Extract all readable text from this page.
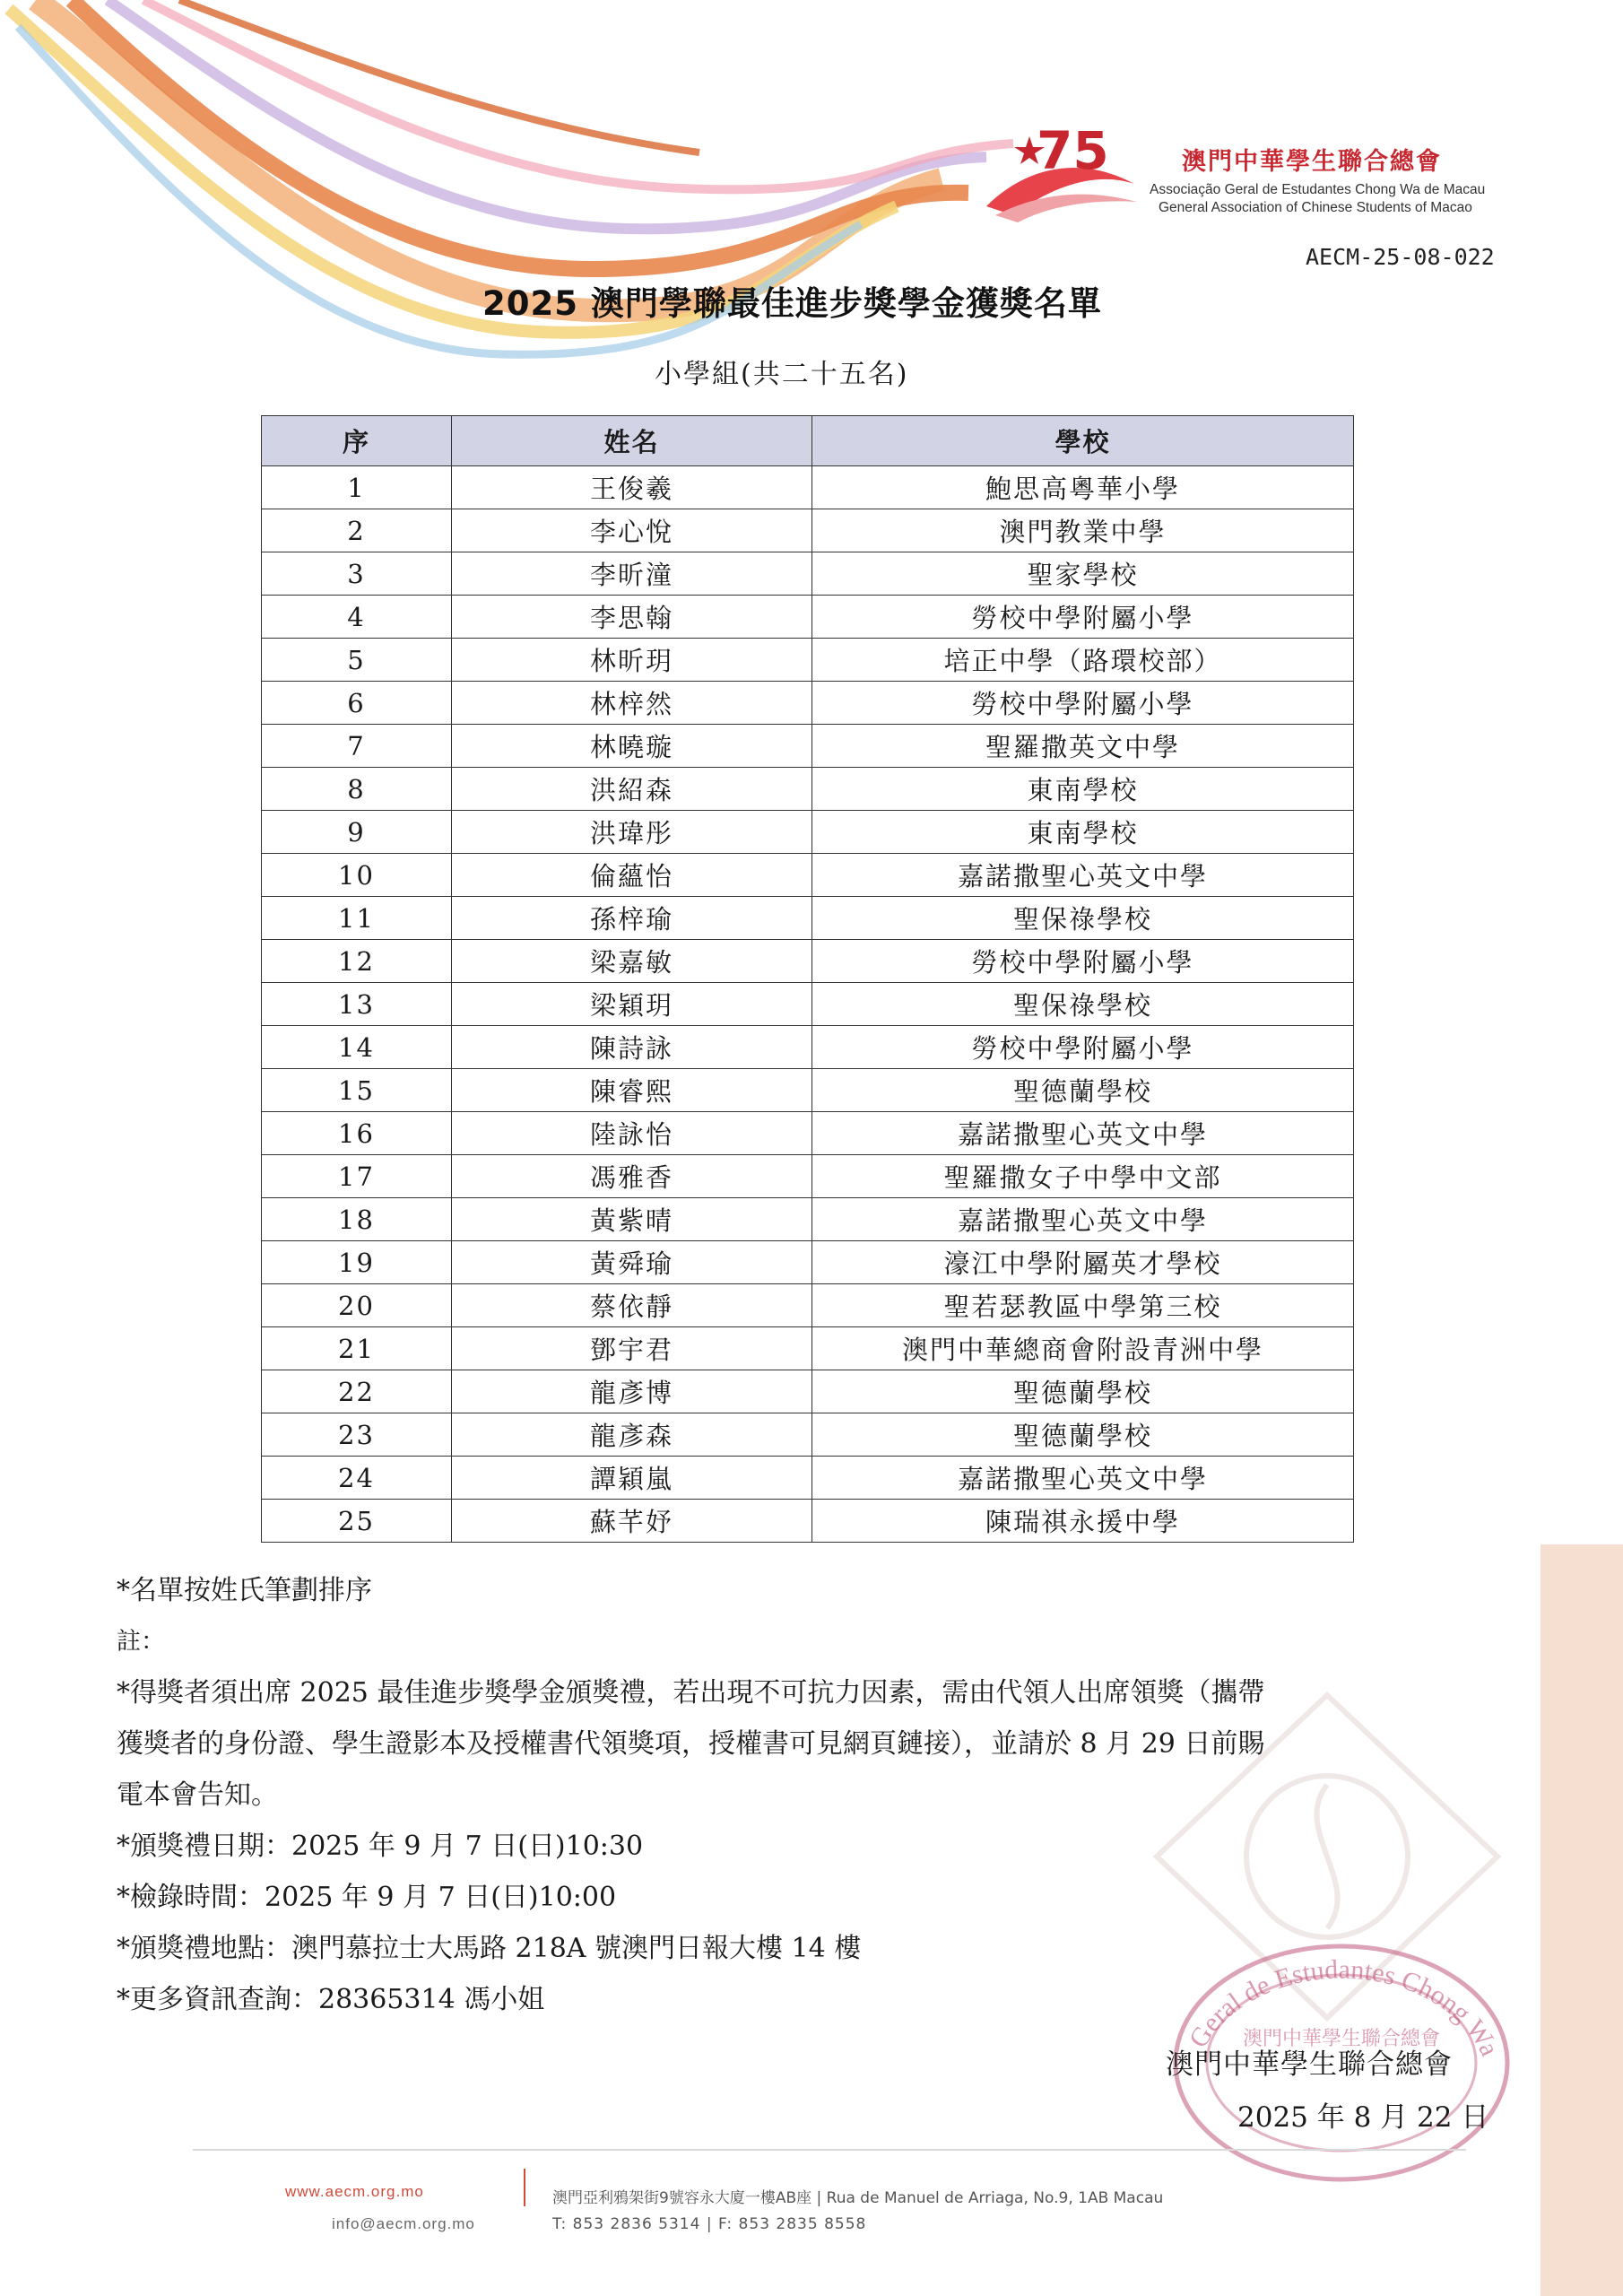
75	澳門中華學生聯合總會
Associação Geral de Estudantes Chong Wa de Macau
General Association of Chinese Students of Macao
AECM-25-08-022
2025 澳門學聯最佳進步獎學金獲獎名單
小學組(共二十五名)
序	姓名	學校
1	王俊羲	鮑思高粵華小學
2	李心悅	澳門教業中學
3	李昕潼	聖家學校
4	李思翰	勞校中學附屬小學
5	林昕玥	培正中學（路環校部）
6	林梓然	勞校中學附屬小學
7	林曉璇	聖羅撒英文中學
8	洪紹森	東南學校
9	洪瑋彤	東南學校
10	倫蘊怡	嘉諾撒聖心英文中學
11	孫梓瑜	聖保祿學校
12	梁嘉敏	勞校中學附屬小學
13	梁穎玥	聖保祿學校
14	陳詩詠	勞校中學附屬小學
15	陳睿熙	聖德蘭學校
16	陸詠怡	嘉諾撒聖心英文中學
17	馮雅香	聖羅撒女子中學中文部
18	黃紫晴	嘉諾撒聖心英文中學
19	黃舜瑜	濠江中學附屬英才學校
20	蔡依靜	聖若瑟教區中學第三校
21	鄧宇君	澳門中華總商會附設青洲中學
22	龍彥博	聖德蘭學校
23	龍彥森	聖德蘭學校
24	譚穎嵐	嘉諾撒聖心英文中學
25	蘇芊妤	陳瑞祺永援中學

*名單按姓氏筆劃排序

註：

*得獎者須出席 2025 最佳進步獎學金頒獎禮，若出現不可抗力因素，需由代領人出席領獎（攜帶

獲獎者的身份證、學生證影本及授權書代領獎項，授權書可見網頁鏈接），並請於 8 月 29 日前賜

電本會告知。

*頒獎禮日期：2025 年 9 月 7 日(日)10:30

*檢錄時間：2025 年 9 月 7 日(日)10:00

*頒獎禮地點：澳門慕拉士大馬路 218A 號澳門日報大樓 14 樓

*更多資訊查詢：28365314 馮小姐

Geral de Estudantes Chong Wa
澳門中華學生聯合總會
澳門中華學生聯合總會
2025 年 8 月 22 日
www.aecm.org.mo
info@aecm.org.mo
澳門亞利鴉架街9號容永大廈一樓AB座 | Rua de Manuel de Arriaga, No.9, 1AB Macau
T: 853 2836 5314 | F: 853 2835 8558
